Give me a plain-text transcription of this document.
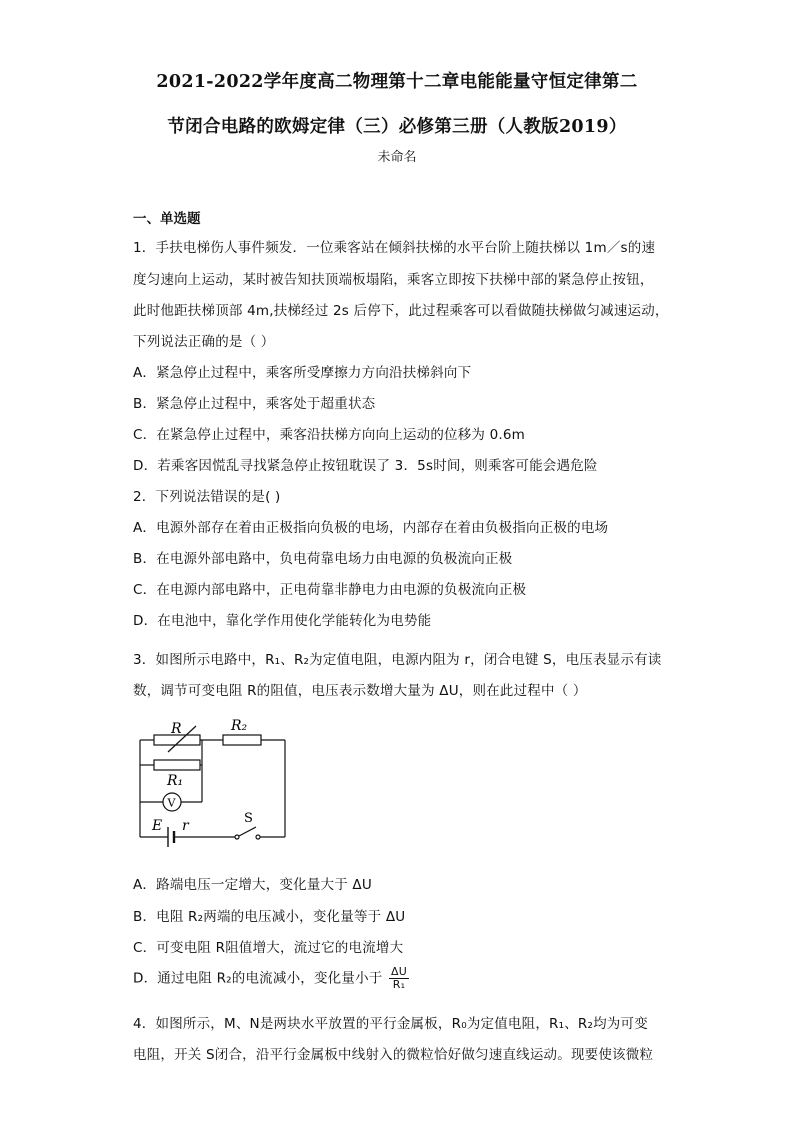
2021-2022学年度高二物理第十二章电能能量守恒定律第二
节闭合电路的欧姆定律（三）必修第三册（人教版2019）
未命名
一、单选题
1．手扶电梯伤人事件频发．一位乘客站在倾斜扶梯的水平台阶上随扶梯以 1m／s的速
度匀速向上运动，某时被告知扶顶端板塌陷，乘客立即按下扶梯中部的紧急停止按钮，
此时他距扶梯顶部 4m,扶梯经过 2s 后停下，此过程乘客可以看做随扶梯做匀减速运动，
下列说法正确的是（ ）
A．紧急停止过程中，乘客所受摩擦力方向沿扶梯斜向下
B．紧急停止过程中，乘客处于超重状态
C．在紧急停止过程中，乘客沿扶梯方向向上运动的位移为 0.6m
D．若乘客因慌乱寻找紧急停止按钮耽误了 3．5s时间，则乘客可能会遇危险
2．下列说法错误的是( )
A．电源外部存在着由正极指向负极的电场，内部存在着由负极指向正极的电场
B．在电源外部电路中，负电荷靠电场力由电源的负极流向正极
C．在电源内部电路中，正电荷靠非静电力由电源的负极流向正极
D．在电池中，靠化学作用使化学能转化为电势能
3．如图所示电路中，R₁、R₂为定值电阻，电源内阻为 r，闭合电键 S，电压表显示有读
数，调节可变电阻 R的阻值，电压表示数增大量为 ΔU，则在此过程中（ ）
R	R₂
R₁
V
E r	S
A．路端电压一定增大，变化量大于 ΔU
B．电阻 R₂两端的电压减小，变化量等于 ΔU
C．可变电阻 R阻值增大，流过它的电流增大
D．通过电阻 R₂的电流减小，变化量小于 $\frac{\Delta U}{\text{R₁}}$
4．如图所示，M、N是两块水平放置的平行金属板，R₀为定值电阻，R₁、R₂均为可变
电阻，开关 S闭合，沿平行金属板中线射入的微粒恰好做匀速直线运动。现要使该微粒
